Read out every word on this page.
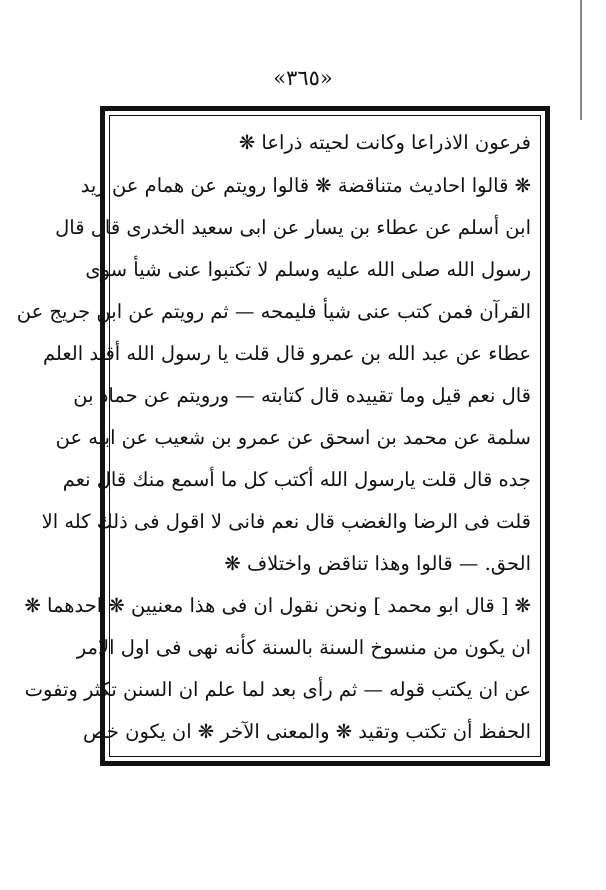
«٣٦٥»
فرعون الاذراعا وكانت لحيته ذراعا ❋
❋ قالوا احاديث متناقضة ❋ قالوا رويتم عن همام عن زيد
ابن أسلم عن عطاء بن يسار عن ابى سعيد الخدرى قال قال
رسول الله صلى الله عليه وسلم لا تكتبوا عنى شيأ سوى
القرآن فمن كتب عنى شيأ فليمحه — ثم رويتم عن ابن جريج عن
عطاء عن عبد الله بن عمرو قال قلت يا رسول الله أقيد العلم
قال نعم قيل وما تقييده قال كتابته — ورويتم عن حماد بن
سلمة عن محمد بن اسحق عن عمرو بن شعيب عن ابيه عن
جده قال قلت يارسول الله أكتب كل ما أسمع منك قال نعم
قلت فى الرضا والغضب قال نعم فانى لا اقول فى ذلك كله الا
الحق. — قالوا وهذا تناقض واختلاف ❋
❋ [ قال ابو محمد ] ونحن نقول ان فى هذا معنيين ❋ احدهما ❋
ان يكون من منسوخ السنة بالسنة كأنه نهى فى اول الامر
عن ان يكتب قوله — ثم رأى بعد لما علم ان السنن تكثر وتفوت
الحفظ أن تكتب وتقيد ❋ والمعنى الآخر ❋ ان يكون خص
